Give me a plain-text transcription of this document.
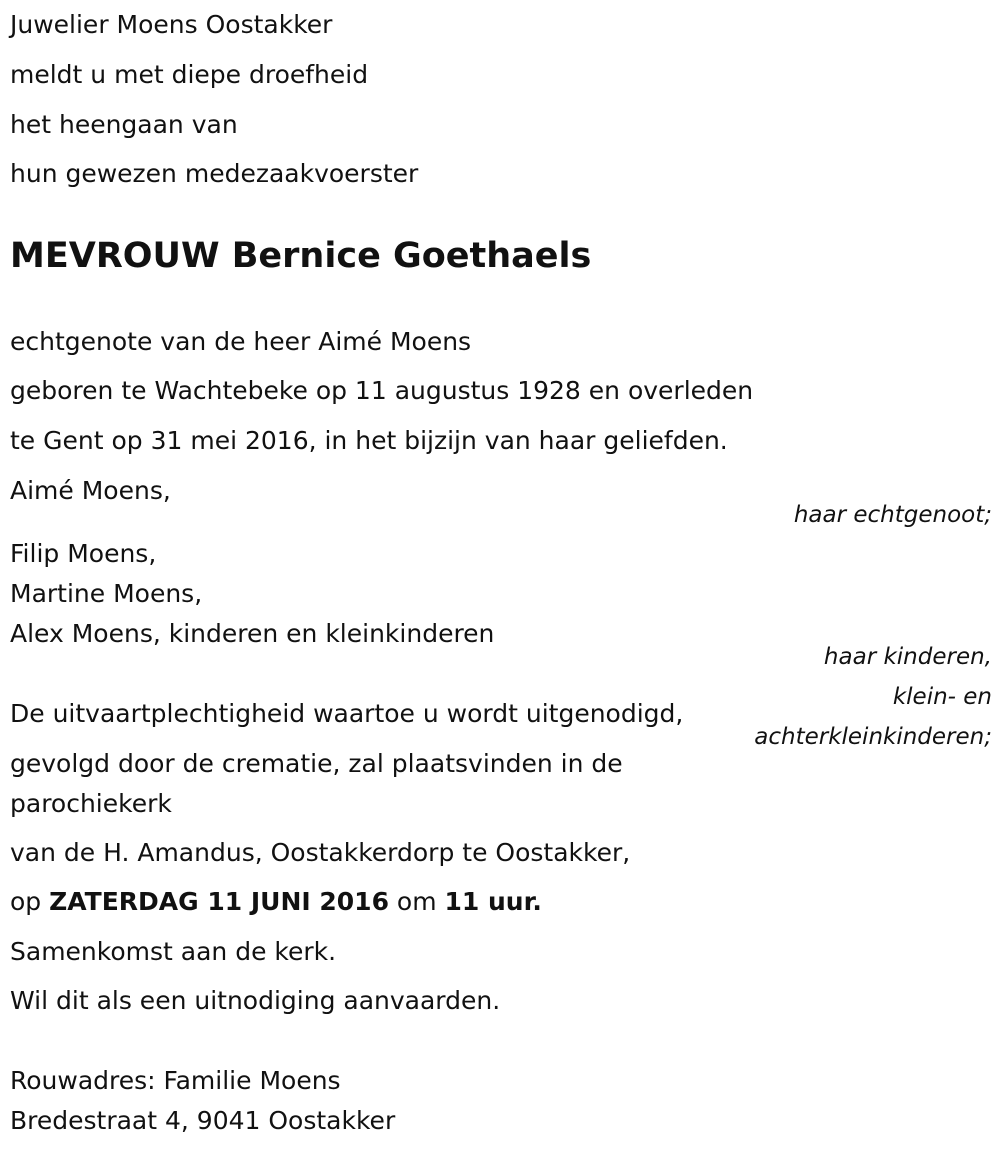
Juwelier Moens Oostakker
meldt u met diepe droefheid
het heengaan van
hun gewezen medezaakvoerster
MEVROUW Bernice Goethaels
echtgenote van de heer Aimé Moens
geboren te Wachtebeke op 11 augustus 1928 en overleden
te Gent op 31 mei 2016, in het bijzijn van haar geliefden.
Aimé Moens,
haar echtgenoot;
Filip Moens,
Martine Moens,
Alex Moens, kinderen en kleinkinderen
haar kinderen,
klein- en
achterkleinkinderen;
De uitvaartplechtigheid waartoe u wordt uitgenodigd,
gevolgd door de crematie, zal plaatsvinden in de
parochiekerk
van de H. Amandus, Oostakkerdorp te Oostakker,
op ZATERDAG 11 JUNI 2016 om 11 uur.
Samenkomst aan de kerk.
Wil dit als een uitnodiging aanvaarden.
Rouwadres: Familie Moens
Bredestraat 4, 9041 Oostakker
